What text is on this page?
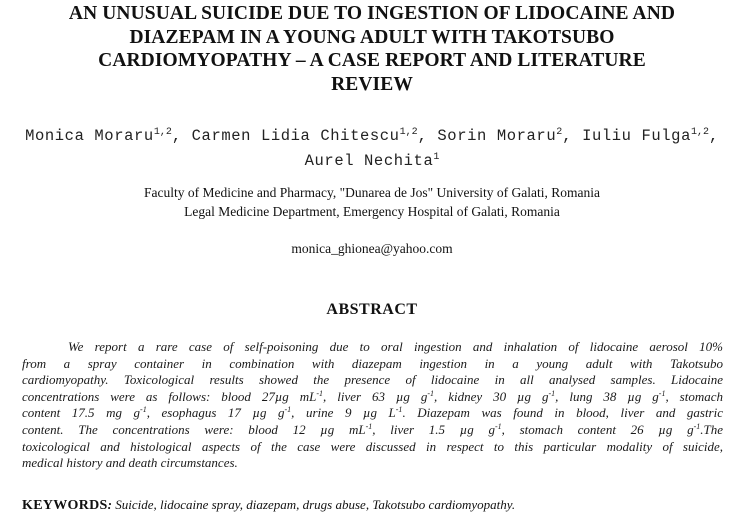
AN UNUSUAL SUICIDE DUE TO INGESTION OF LIDOCAINE AND
DIAZEPAM IN A YOUNG ADULT WITH TAKOTSUBO
CARDIOMYOPATHY – A CASE REPORT AND LITERATURE
REVIEW
Monica Moraru$^{1,2}$, Carmen Lidia Chitescu$^{1,2}$, Sorin Moraru$^2$, Iuliu Fulga$^{1,2}$, Aurel Nechita$^1$
Faculty of Medicine and Pharmacy, "Dunarea de Jos" University of Galati, Romania
Legal Medicine Department, Emergency Hospital of Galati, Romania
monica_ghionea@yahoo.com
ABSTRACT
We report a rare case of self-poisoning due to oral ingestion and inhalation of lidocaine aerosol 10%
from a spray container in combination with diazepam ingestion in a young adult with Takotsubo
cardiomyopathy. Toxicological results showed the presence of lidocaine in all analysed samples. Lidocaine
concentrations were as follows: blood 27µg $mL^{-1}$, liver 63 µg $g^{-1}$, kidney 30 µg $g^{-1}$, lung 38 µg $g^{-1}$, stomach
content 17.5 mg $g^{-1}$, esophagus 17 µg $g^{-1}$, urine 9 µg $L^{-1}$. Diazepam was found in blood, liver and gastric
content. The concentrations were: blood 12 µg $mL^{-1}$, liver 1.5 µg $g^{-1}$, stomach content 26 µg $g^{-1}.The$
toxicological and histological aspects of the case were discussed in respect to this particular modality of suicide,
medical history and death circumstances.
KEYWORDS: Suicide, lidocaine spray, diazepam, drugs abuse, Takotsubo cardiomyopathy.
